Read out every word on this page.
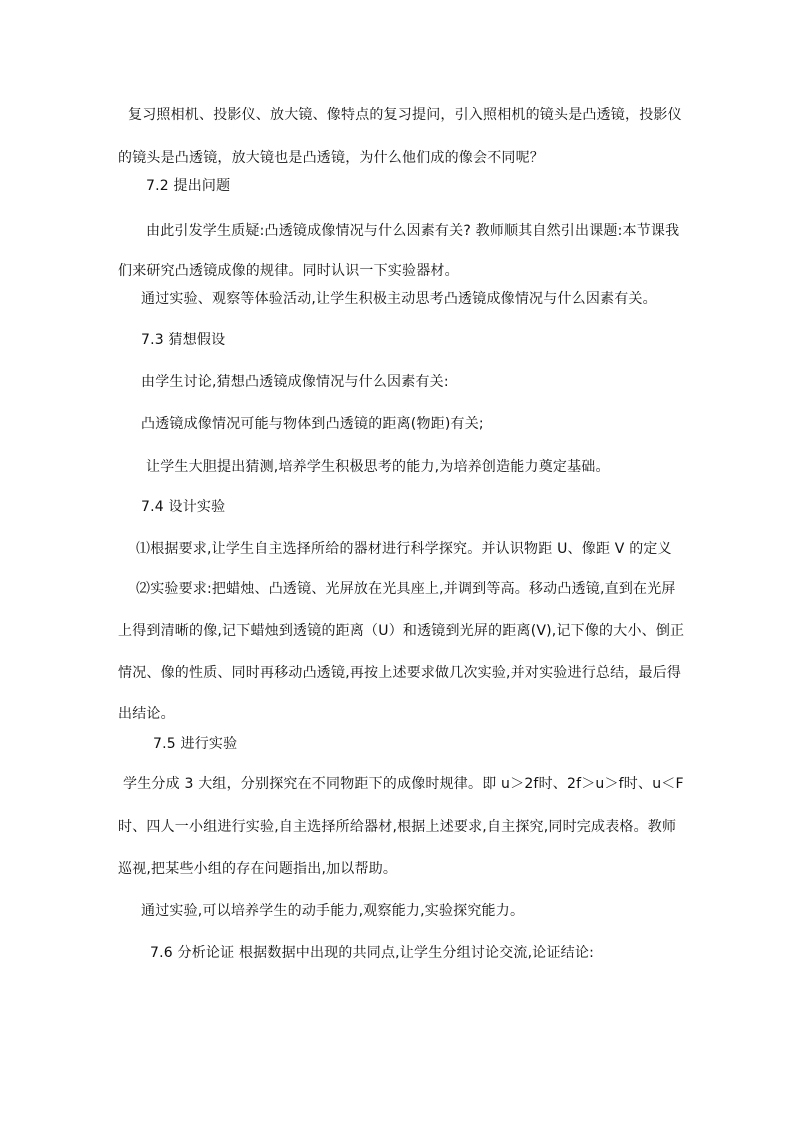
复习照相机、投影仪、放大镜、像特点的复习提问，引入照相机的镜头是凸透镜，投影仪
的镜头是凸透镜，放大镜也是凸透镜，为什么他们成的像会不同呢？
7.2 提出问题
由此引发学生质疑:凸透镜成像情况与什么因素有关? 教师顺其自然引出课题:本节课我
们来研究凸透镜成像的规律。同时认识一下实验器材。
通过实验、观察等体验活动,让学生积极主动思考凸透镜成像情况与什么因素有关。
7.3 猜想假设
由学生讨论,猜想凸透镜成像情况与什么因素有关:
凸透镜成像情况可能与物体到凸透镜的距离(物距)有关;
让学生大胆提出猜测,培养学生积极思考的能力,为培养创造能力奠定基础。
7.4 设计实验
⑴根据要求,让学生自主选择所给的器材进行科学探究。并认识物距 U、像距 V 的定义
⑵实验要求:把蜡烛、凸透镜、光屏放在光具座上,并调到等高。移动凸透镜,直到在光屏
上得到清晰的像,记下蜡烛到透镜的距离（U）和透镜到光屏的距离(V),记下像的大小、倒正
情况、像的性质、同时再移动凸透镜,再按上述要求做几次实验,并对实验进行总结，最后得
出结论。
7.5 进行实验
学生分成 3 大组，分别探究在不同物距下的成像时规律。即 u＞2f时、2f＞u＞f时、u＜F
时、四人一小组进行实验,自主选择所给器材,根据上述要求,自主探究,同时完成表格。教师
巡视,把某些小组的存在问题指出,加以帮助。
通过实验,可以培养学生的动手能力,观察能力,实验探究能力。
7.6 分析论证 根据数据中出现的共同点,让学生分组讨论交流,论证结论:
